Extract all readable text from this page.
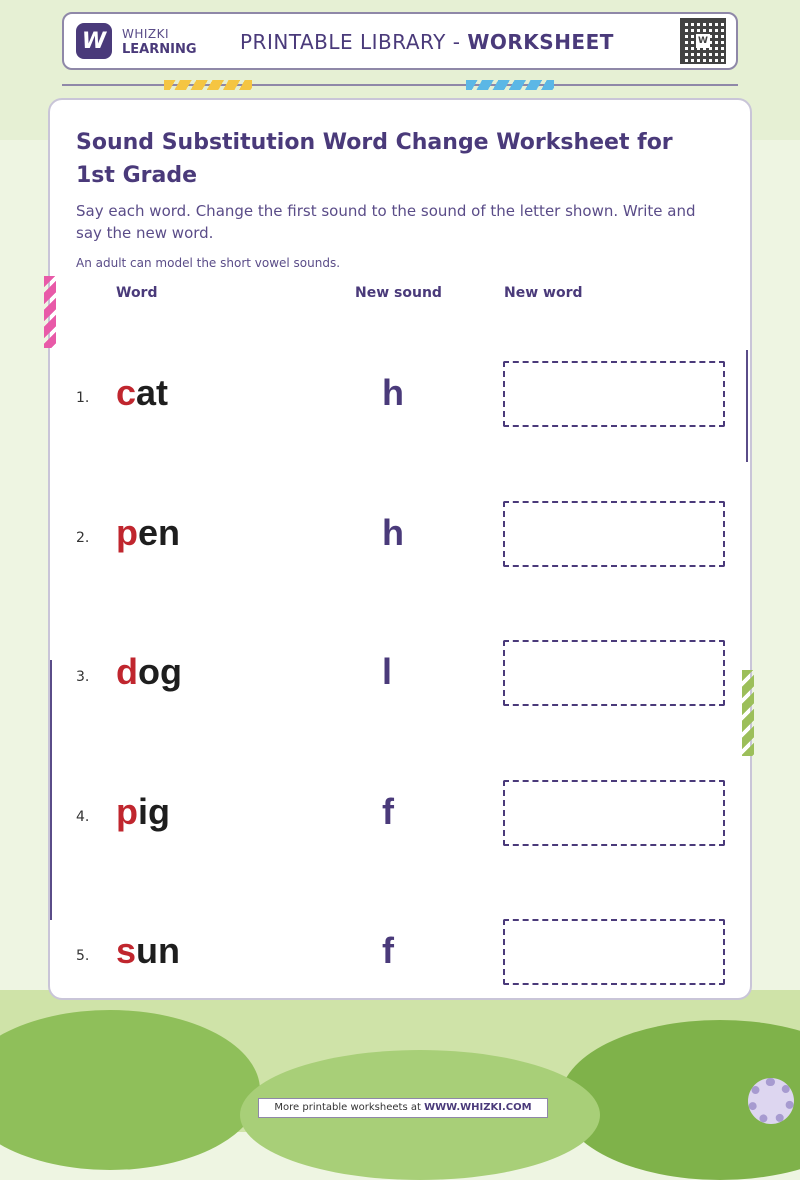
W	WHIZKI
LEARNING PRINTABLE LIBRARY - WORKSHEET	W
Sound Substitution Word Change Worksheet for 1st Grade
Say each word. Change the first sound to the sound of the letter shown. Write and say the new word.
An adult can model the short vowel sounds.
Word	New sound	New word
1. cat	h
2. pen	h
3. dog	l
4. pig	f
5. sun	f
More printable worksheets at WWW.WHIZKI.COM
